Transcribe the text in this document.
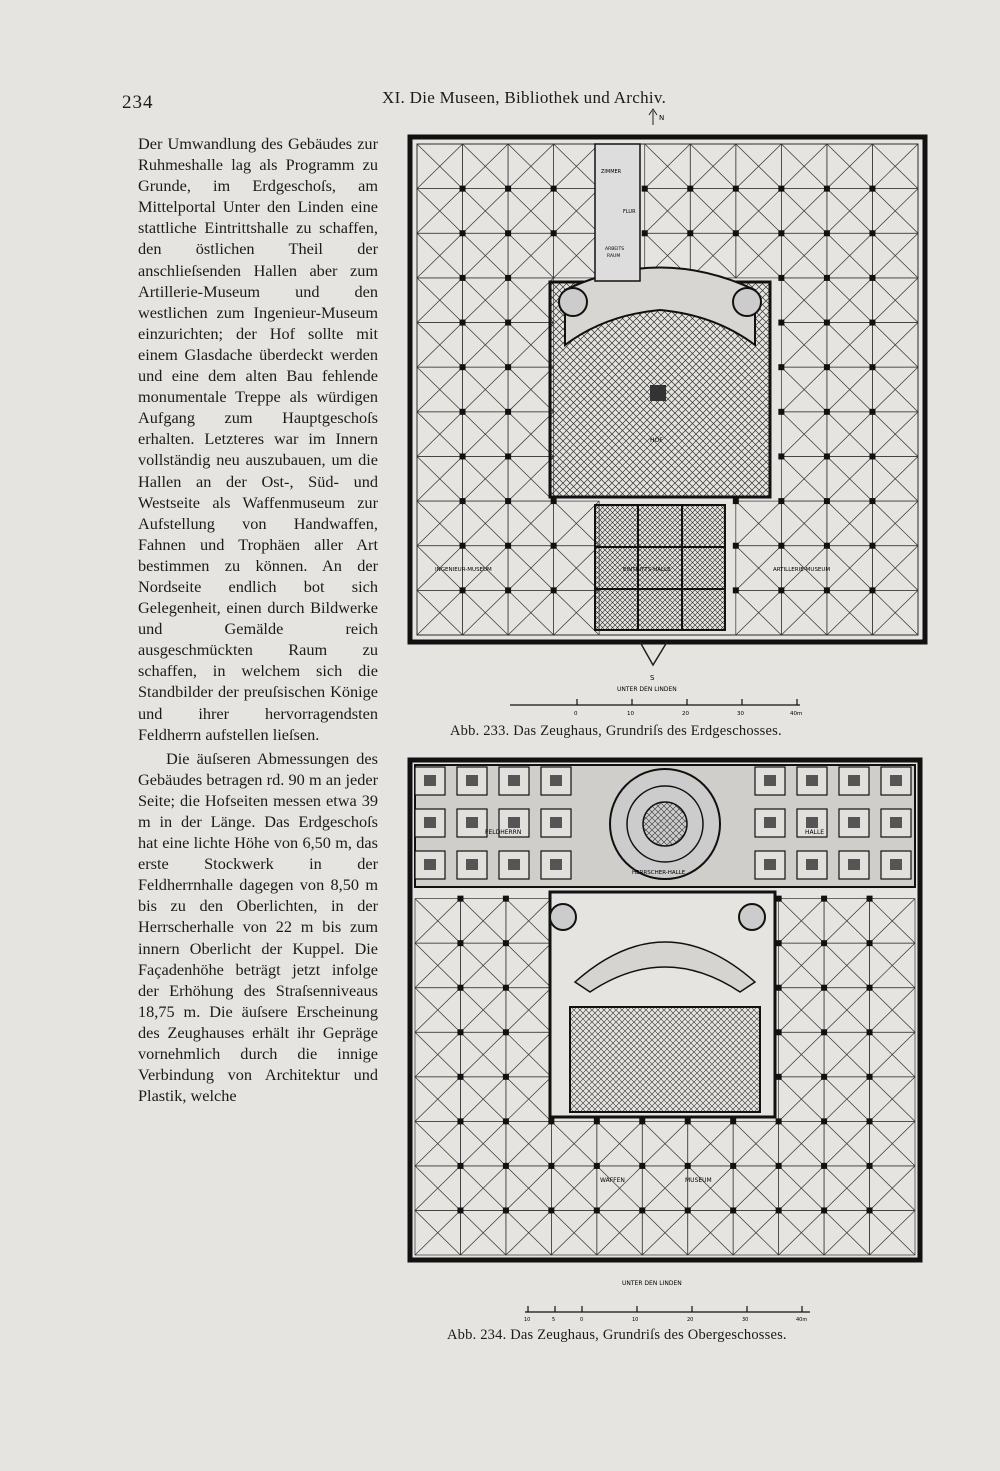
234	XI. Die Museen, Bibliothek und Archiv.

Der Umwandlung des Gebäudes zur Ruhmeshalle lag als Programm zu Grunde, im Erdgeschoſs, am Mittelportal Unter den Linden eine stattliche Eintrittshalle zu schaffen, den östlichen Theil der anschlieſsenden Hallen aber zum Artillerie-Museum und den westlichen zum Ingenieur-Museum einzurichten; der Hof sollte mit einem Glasdache überdeckt werden und eine dem alten Bau fehlende monumentale Treppe als würdigen Aufgang zum Hauptgeschoſs erhalten. Letzteres war im Innern vollständig neu auszubauen, um die Hallen an der Ost-, Süd- und Westseite als Waffenmuseum zur Aufstellung von Handwaffen, Fahnen und Trophäen aller Art bestimmen zu können. An der Nordseite endlich bot sich Gelegenheit, einen durch Bildwerke und Gemälde reich ausgeschmückten Raum zu schaffen, in welchem sich die Standbilder der preuſsischen Könige und ihrer hervorragendsten Feldherrn aufstellen lieſsen.

Die äuſseren Abmessungen des Gebäudes betragen rd. 90 m an jeder Seite; die Hofseiten messen etwa 39 m in der Länge. Das Erdgeschoſs hat eine lichte Höhe von 6,50 m, das erste Stockwerk in der Feldherrnhalle dagegen von 8,50 m bis zu den Oberlichten, in der Herrscherhalle von 22 m bis zum innern Oberlicht der Kuppel. Die Façadenhöhe beträgt jetzt infolge der Erhöhung des Straſsenniveaus 18,75 m. Die äuſsere Erscheinung des Zeughauses erhält ihr Gepräge vornehmlich durch die innige Verbindung von Architektur und Plastik, welche

N
HOF
ZIMMER
FLUR
ARBEITS
RAUM
INGENIEUR-MUSEUM	EINTRITTS-HALLE	ARTILLERIE-MUSEUM
S
UNTER DEN LINDEN
0	10	20	30	40m
Abb. 233. Das Zeughaus, Grundriſs des Erdgeschosses.
FELDHERRN	HALLE
HERRSCHER-HALLE
WAFFEN	MUSEUM
UNTER DEN LINDEN
10	5	0	10	20	30	40m
Abb. 234. Das Zeughaus, Grundriſs des Obergeschosses.
